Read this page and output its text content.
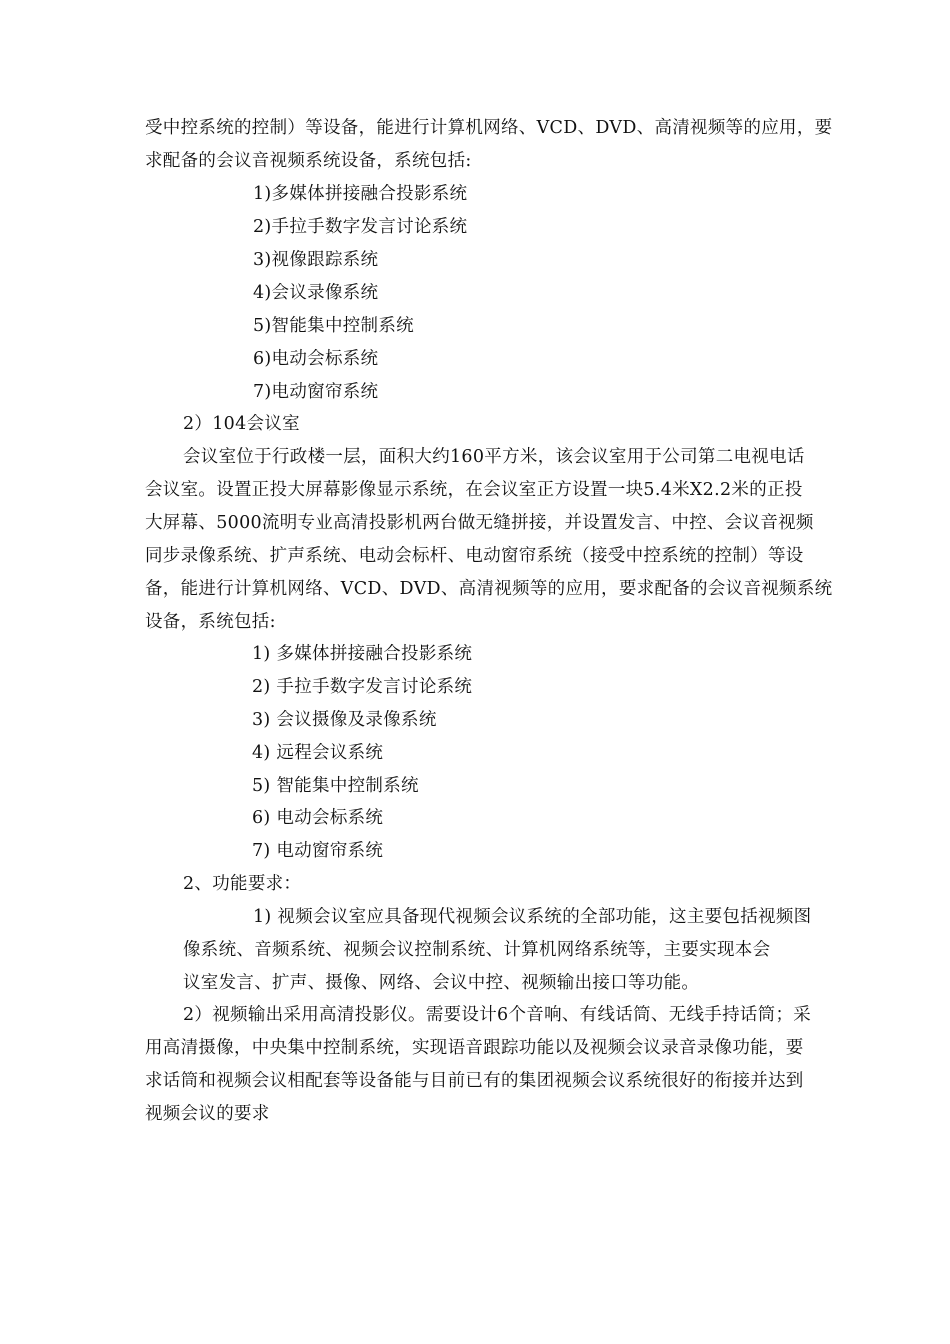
受中控系统的控制）等设备，能进行计算机网络、VCD、DVD、高清视频等的应用，要
求配备的会议音视频系统设备，系统包括:
1)多媒体拼接融合投影系统
2)手拉手数字发言讨论系统
3)视像跟踪系统
4)会议录像系统
5)智能集中控制系统
6)电动会标系统
7)电动窗帘系统
2）104会议室
会议室位于行政楼一层，面积大约160平方米，该会议室用于公司第二电视电话
会议室。设置正投大屏幕影像显示系统，在会议室正方设置一块5.4米X2.2米的正投
大屏幕、5000流明专业高清投影机两台做无缝拼接，并设置发言、中控、会议音视频
同步录像系统、扩声系统、电动会标杆、电动窗帘系统（接受中控系统的控制）等设
备，能进行计算机网络、VCD、DVD、高清视频等的应用，要求配备的会议音视频系统
设备，系统包括:
1) 多媒体拼接融合投影系统
2) 手拉手数字发言讨论系统
3) 会议摄像及录像系统
4) 远程会议系统
5) 智能集中控制系统
6) 电动会标系统
7) 电动窗帘系统
2、功能要求：
1) 视频会议室应具备现代视频会议系统的全部功能，这主要包括视频图
像系统、音频系统、视频会议控制系统、计算机网络系统等，主要实现本会
议室发言、扩声、摄像、网络、会议中控、视频输出接口等功能。
2）视频输出采用高清投影仪。需要设计6个音响、有线话筒、无线手持话筒；采
用高清摄像，中央集中控制系统，实现语音跟踪功能以及视频会议录音录像功能，要
求话筒和视频会议相配套等设备能与目前已有的集团视频会议系统很好的衔接并达到
视频会议的要求
